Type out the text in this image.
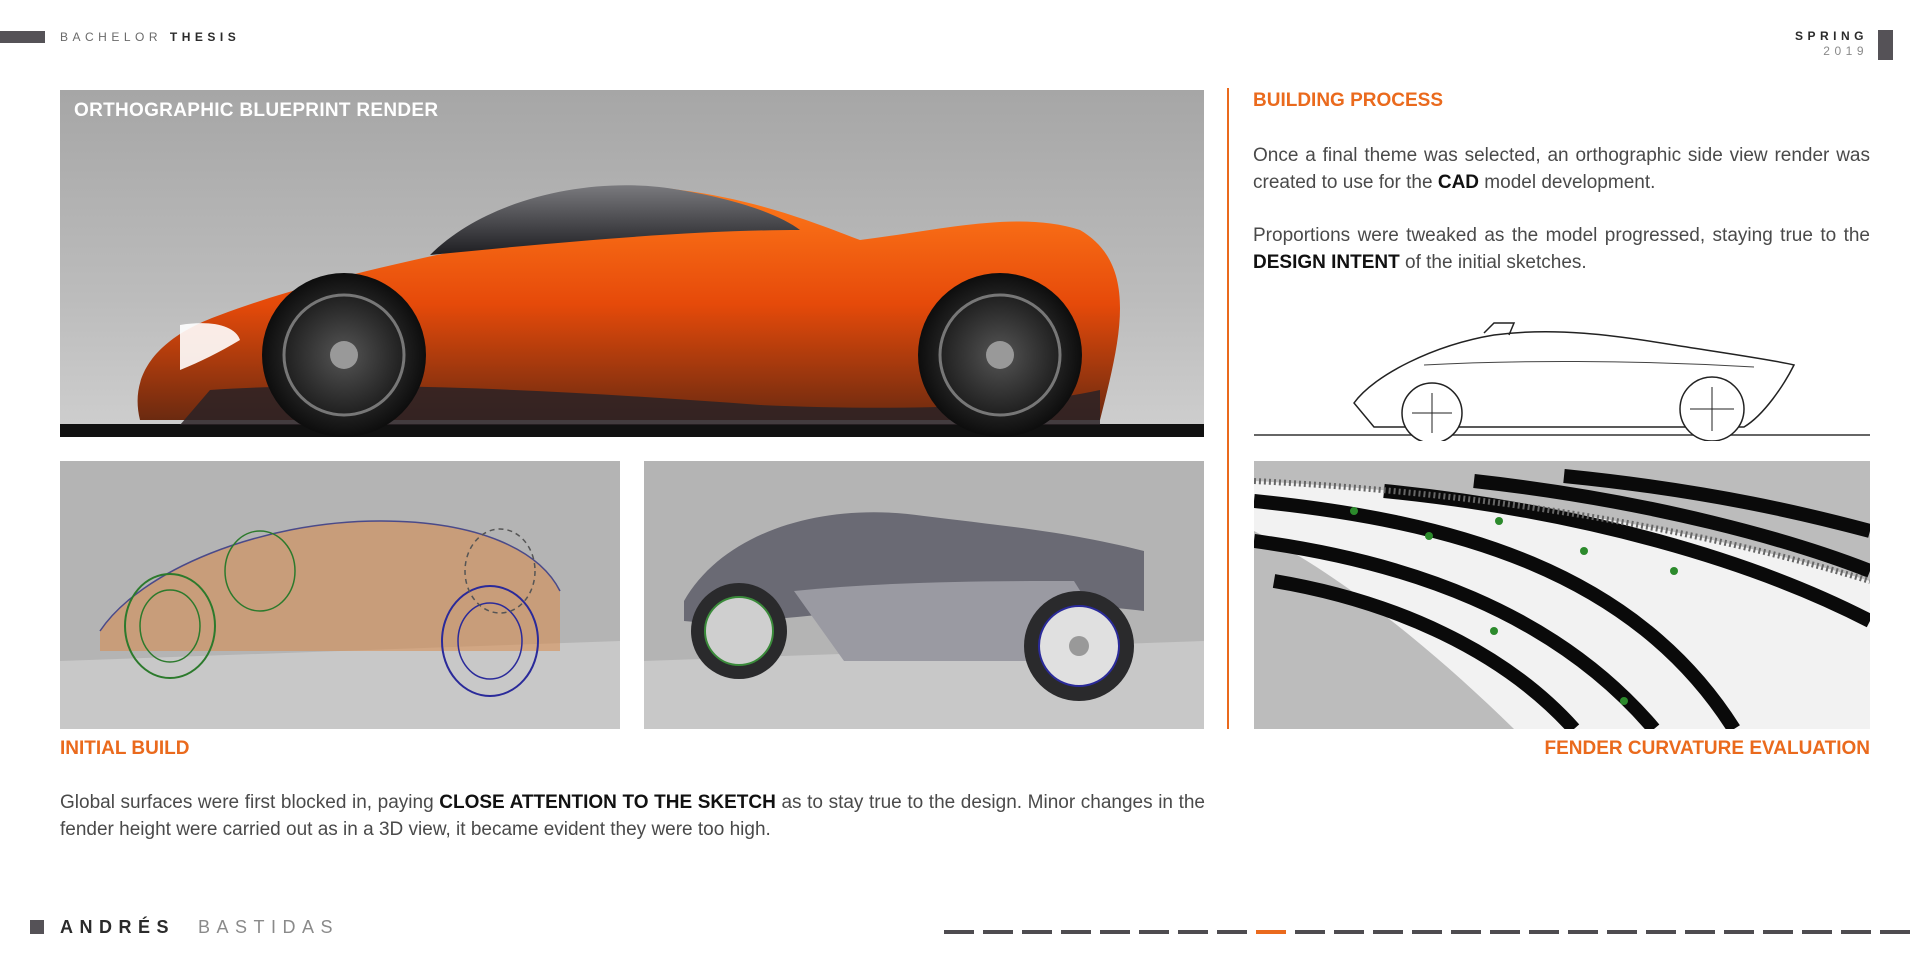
BACHELOR THESIS	SPRING
2019
ORTHOGRAPHIC BLUEPRINT RENDER	BUILDING PROCESS
Once a final theme was selected, an orthographic side view render was created to use for the CAD model development.
Proportions were tweaked as the model progressed, staying true to the DESIGN INTENT of the initial sketches.
INITIAL BUILD	FENDER CURVATURE EVALUATION
Global surfaces were first blocked in, paying CLOSE ATTENTION TO THE SKETCH as to stay true to the design. Minor changes in the fender height were carried out as in a 3D view, it became evident they were too high.
ANDRÉS BASTIDAS
